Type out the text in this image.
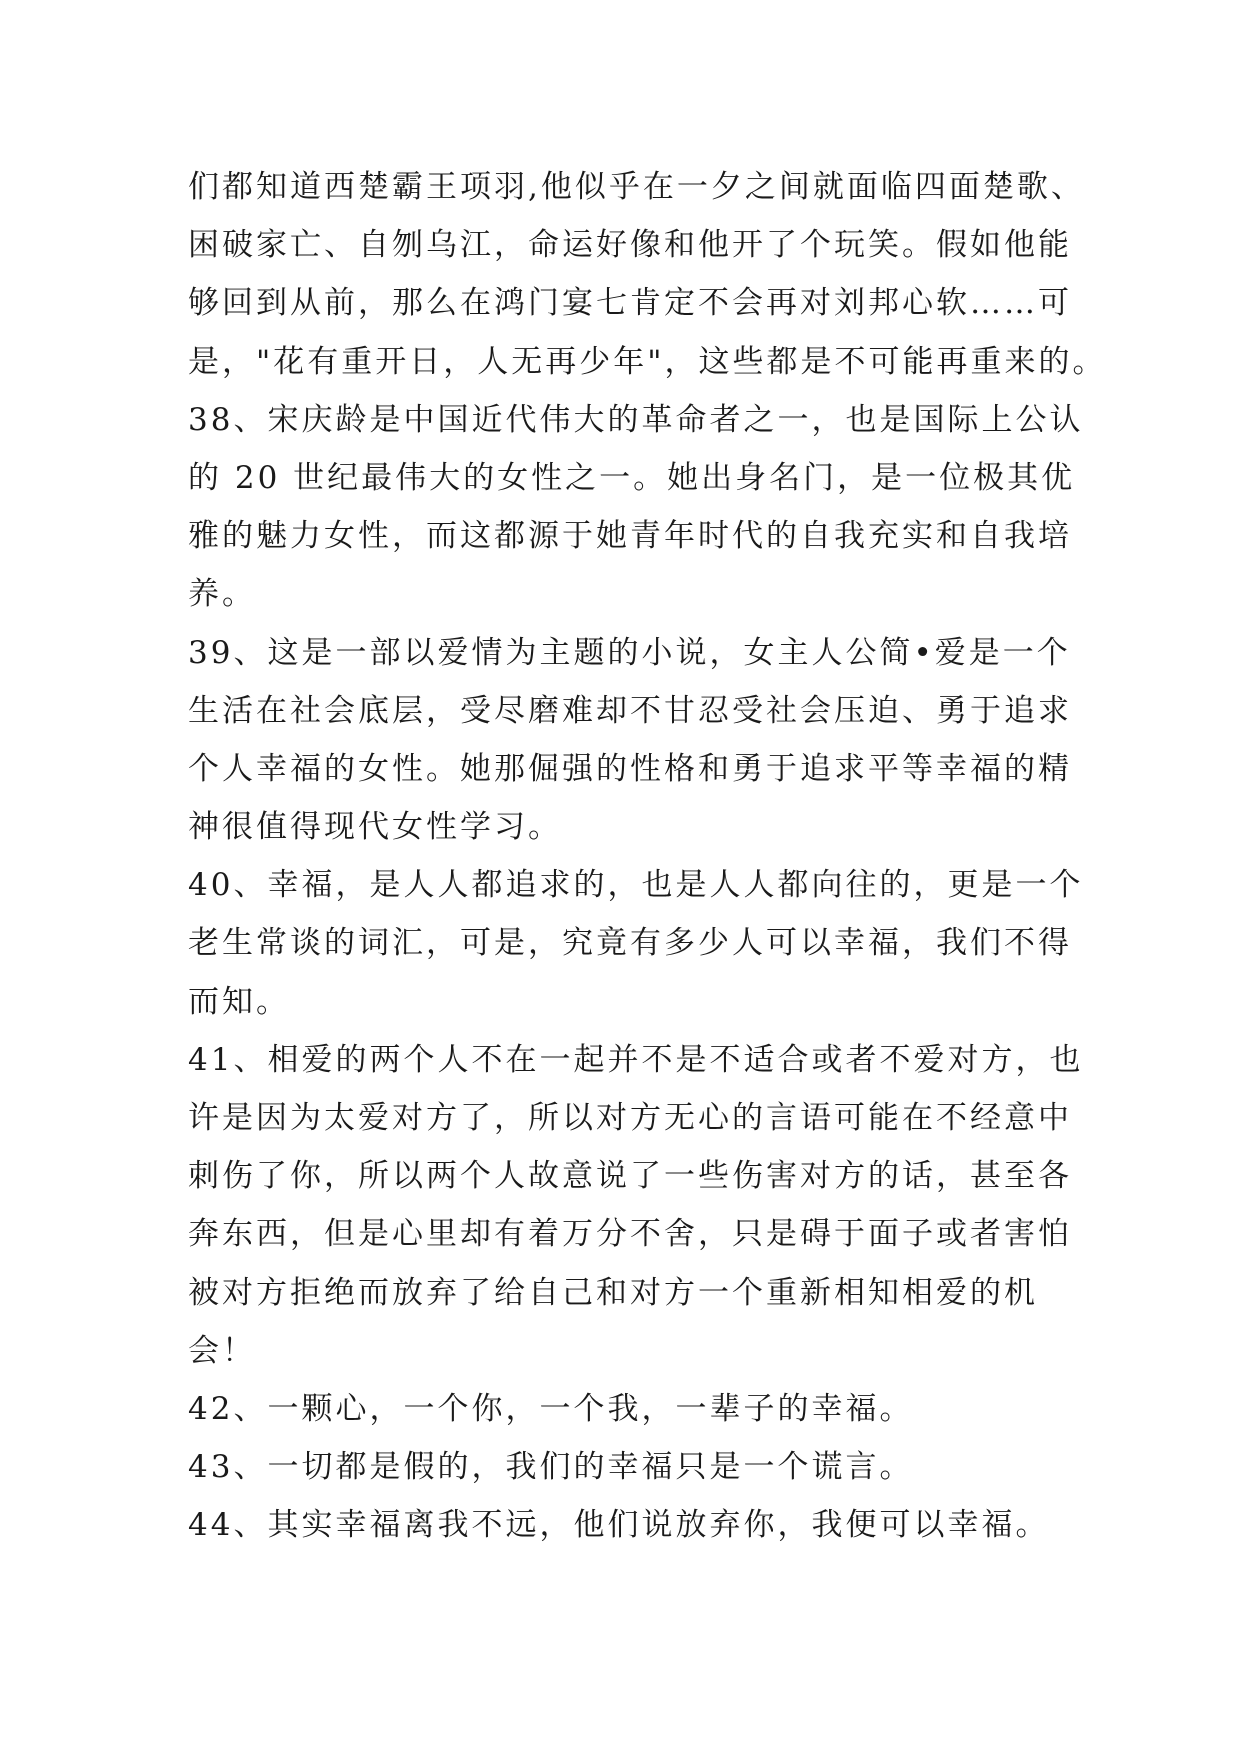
们都知道西楚霸王项羽,他似乎在一夕之间就面临四面楚歌、
困破家亡、自刎乌江，命运好像和他开了个玩笑。假如他能
够回到从前，那么在鸿门宴七肯定不会再对刘邦心软……可
是，"花有重开日，人无再少年"，这些都是不可能再重来的。
38、宋庆龄是中国近代伟大的革命者之一，也是国际上公认
的 20 世纪最伟大的女性之一。她出身名门，是一位极其优
雅的魅力女性，而这都源于她青年时代的自我充实和自我培
养。
39、这是一部以爱情为主题的小说，女主人公简•爱是一个
生活在社会底层，受尽磨难却不甘忍受社会压迫、勇于追求
个人幸福的女性。她那倔强的性格和勇于追求平等幸福的精
神很值得现代女性学习。
40、幸福，是人人都追求的，也是人人都向往的，更是一个
老生常谈的词汇，可是，究竟有多少人可以幸福，我们不得
而知。
41、相爱的两个人不在一起并不是不适合或者不爱对方，也
许是因为太爱对方了，所以对方无心的言语可能在不经意中
刺伤了你，所以两个人故意说了一些伤害对方的话，甚至各
奔东西，但是心里却有着万分不舍，只是碍于面子或者害怕
被对方拒绝而放弃了给自己和对方一个重新相知相爱的机
会！
42、一颗心，一个你，一个我，一辈子的幸福。
43、一切都是假的，我们的幸福只是一个谎言。
44、其实幸福离我不远，他们说放弃你，我便可以幸福。
